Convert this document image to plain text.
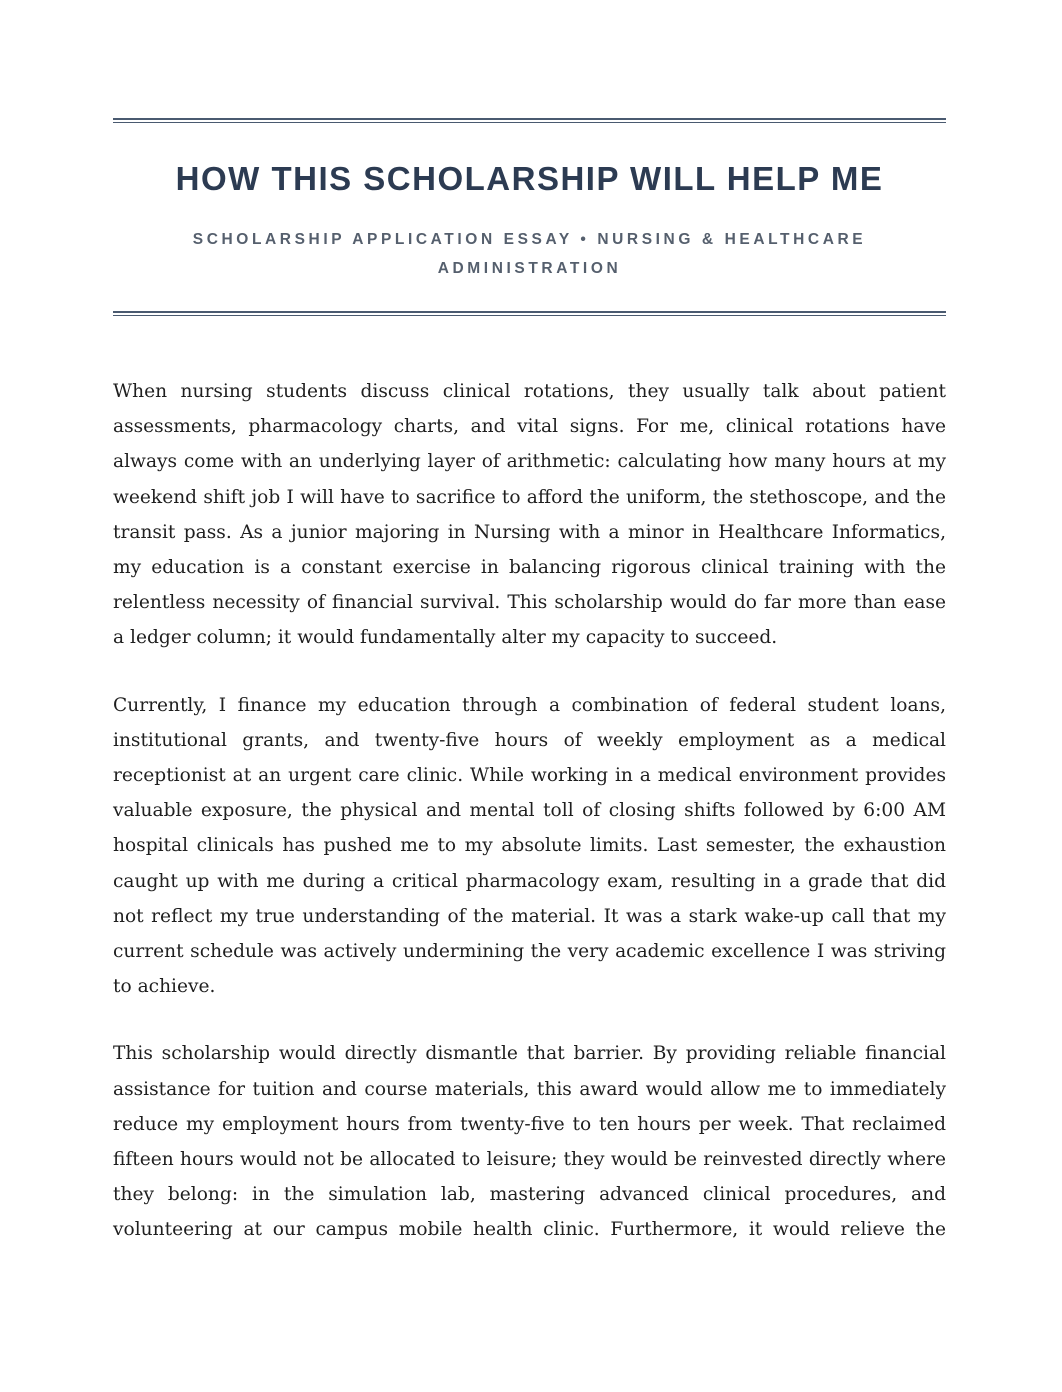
HOW THIS SCHOLARSHIP WILL HELP ME
SCHOLARSHIP APPLICATION ESSAY • NURSING & HEALTHCARE ADMINISTRATION

When nursing students discuss clinical rotations, they usually talk about patient assessments, pharmacology charts, and vital signs. For me, clinical rotations have always come with an underlying layer of arithmetic: calculating how many hours at my weekend shift job I will have to sacrifice to afford the uniform, the stethoscope, and the transit pass. As a junior majoring in Nursing with a minor in Healthcare Informatics, my education is a constant exercise in balancing rigorous clinical training with the relentless necessity of financial survival. This scholarship would do far more than ease a ledger column; it would fundamentally alter my capacity to succeed.

Currently, I finance my education through a combination of federal student loans, institutional grants, and twenty-five hours of weekly employment as a medical receptionist at an urgent care clinic. While working in a medical environment provides valuable exposure, the physical and mental toll of closing shifts followed by 6:00 AM hospital clinicals has pushed me to my absolute limits. Last semester, the exhaustion caught up with me during a critical pharmacology exam, resulting in a grade that did not reflect my true understanding of the material. It was a stark wake-up call that my current schedule was actively undermining the very academic excellence I was striving to achieve.

This scholarship would directly dismantle that barrier. By providing reliable financial assistance for tuition and course materials, this award would allow me to immediately reduce my employment hours from twenty-five to ten hours per week. That reclaimed fifteen hours would not be allocated to leisure; they would be reinvested directly where they belong: in the simulation lab, mastering advanced clinical procedures, and volunteering at our campus mobile health clinic. Furthermore, it would relieve the
